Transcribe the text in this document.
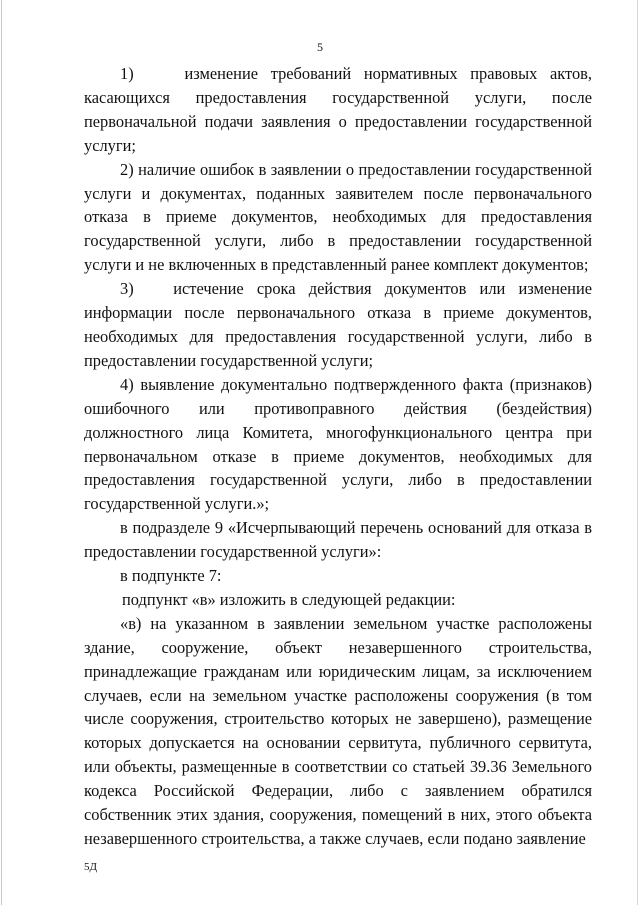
5

1)    изменение требований нормативных правовых актов, касающихся предоставления государственной услуги, после первоначальной подачи заявления о предоставлении государственной услуги;

2) наличие ошибок в заявлении о предоставлении государственной услуги и документах, поданных заявителем после первоначального отказа в приеме документов, необходимых для предоставления государственной услуги, либо в предоставлении государственной услуги и не включенных в представленный ранее комплект документов;

3)   истечение срока действия документов или изменение информации после первоначального отказа в приеме документов, необходимых для предоставления государственной услуги, либо в предоставлении государственной услуги;

4) выявление документально подтвержденного факта (признаков) ошибочного или противоправного действия (бездействия) должностного лица Комитета, многофункционального центра при первоначальном отказе в приеме документов, необходимых для предоставления государственной услуги, либо в предоставлении государственной услуги.»;

в подразделе 9 «Исчерпывающий перечень оснований для отказа в предоставлении государственной услуги»:

в подпункте 7:

подпункт «в» изложить в следующей редакции:

«в) на указанном в заявлении земельном участке расположены здание, сооружение, объект незавершенного строительства, принадлежащие гражданам или юридическим лицам, за исключением случаев, если на земельном участке расположены сооружения (в том числе сооружения, строительство которых не завершено), размещение которых допускается на основании сервитута, публичного сервитута, или объекты, размещенные в соответствии со статьей 39.36 Земельного кодекса Российской Федерации, либо с заявлением обратился собственник этих здания, сооружения, помещений в них, этого объекта незавершенного строительства, а также случаев, если подано заявление

5Д
